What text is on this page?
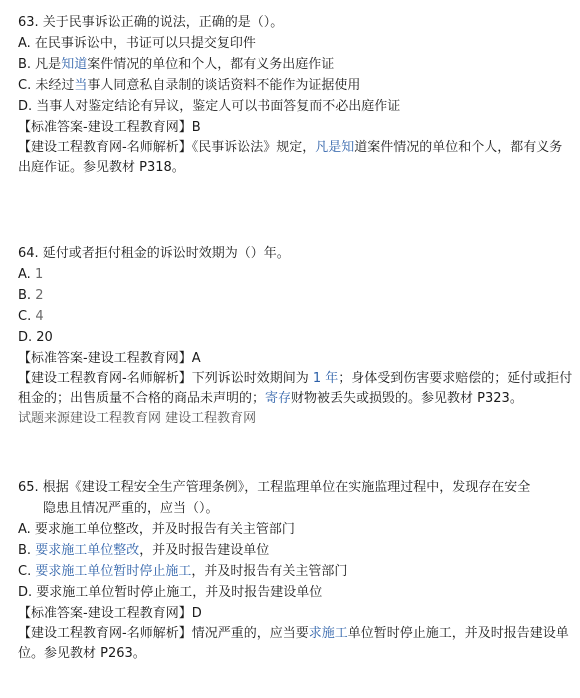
63. 关于民事诉讼正确的说法，正确的是（）。
A. 在民事诉讼中，书证可以只提交复印件
B. 凡是知道案件情况的单位和个人，都有义务出庭作证
C. 未经过当事人同意私自录制的谈话资料不能作为证据使用
D. 当事人对鉴定结论有异议，鉴定人可以书面答复而不必出庭作证
【标准答案-建设工程教育网】B
【建设工程教育网-名师解析】《民事诉讼法》规定，凡是知道案件情况的单位和个人，都有义务出庭作证。参见教材 P318。
64. 延付或者拒付租金的诉讼时效期为（）年。
A. 1
B. 2
C. 4
D. 20
【标准答案-建设工程教育网】A
【建设工程教育网-名师解析】下列诉讼时效期间为 1 年；身体受到伤害要求赔偿的；延付或拒付租金的；出售质量不合格的商品未声明的；寄存财物被丢失或损毁的。参见教材 P323。
试题来源建设工程教育网 建设工程教育网
65. 根据《建设工程安全生产管理条例》，工程监理单位在实施监理过程中，发现存在安全
隐患且情况严重的，应当（）。
A. 要求施工单位整改，并及时报告有关主管部门
B. 要求施工单位整改，并及时报告建设单位
C. 要求施工单位暂时停止施工，并及时报告有关主管部门
D. 要求施工单位暂时停止施工，并及时报告建设单位
【标准答案-建设工程教育网】D
【建设工程教育网-名师解析】情况严重的，应当要求施工单位暂时停止施工，并及时报告建设单位。参见教材 P263。
